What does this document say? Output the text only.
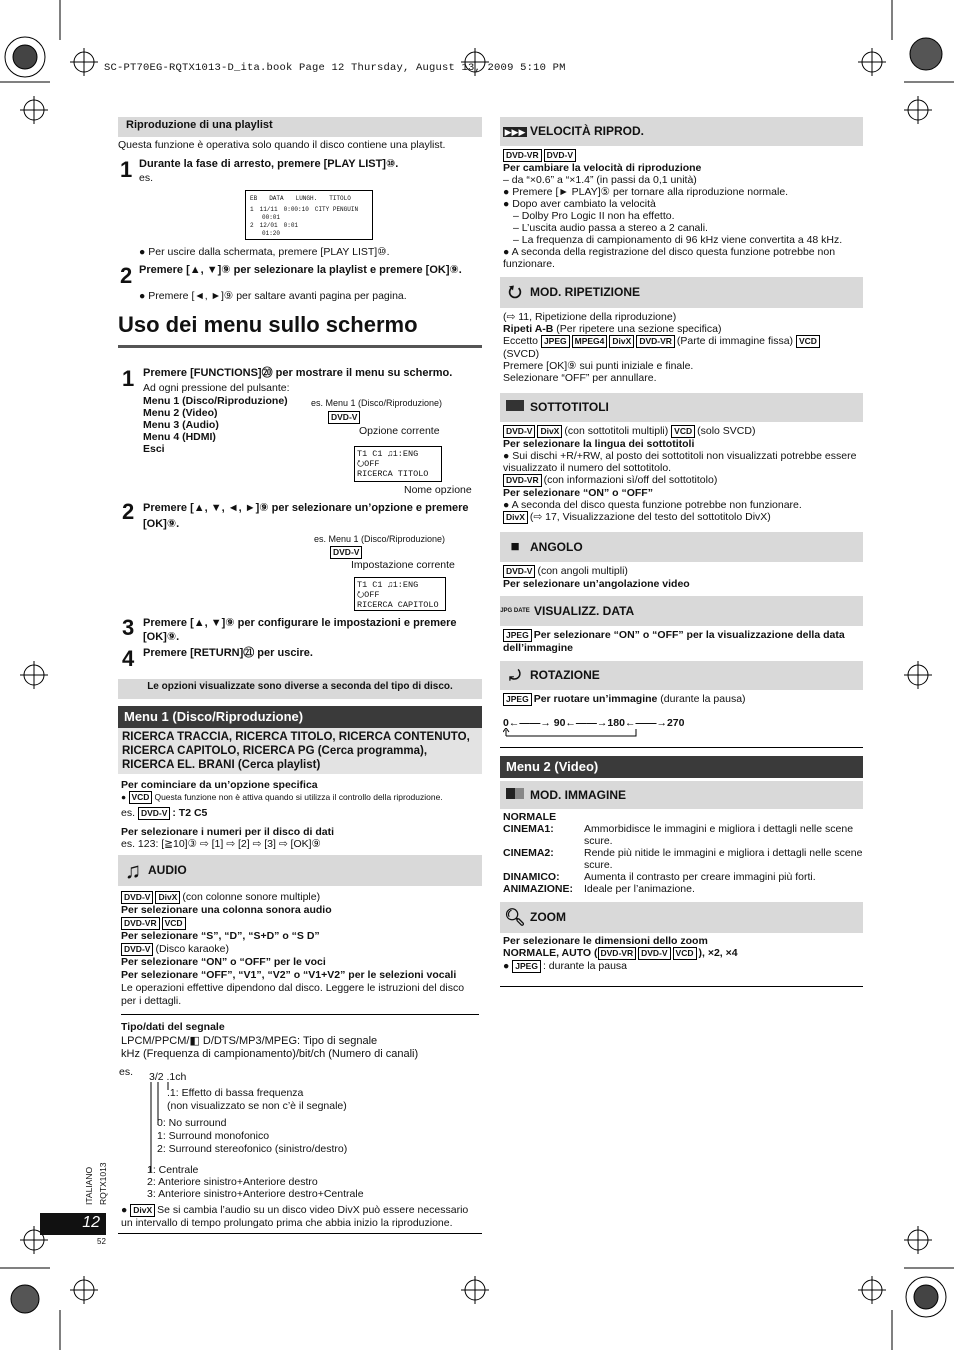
SC-PT70EG-RQTX1013-D_ita.book Page 12 Thursday, August 13, 2009 5:10 PM
Riproduzione di una playlist
Questa funzione è operativa solo quando il disco contiene una playlist.
1 Durante la fase di arresto, premere [PLAY LIST]⑩.
es.
EB DATA LUNGH. TITOLO
1 11/11 0:00:10 CITY PENGUIN
00:01
2 12/01 0:01
01:20
● Per uscire dalla schermata, premere [PLAY LIST]⑩.
2 Premere [▲, ▼]⑨ per selezionare la playlist e premere [OK]⑨.
● Premere [◄, ►]⑨ per saltare avanti pagina per pagina.
Uso dei menu sullo schermo
1 Premere [FUNCTIONS]⑳ per mostrare il menu su schermo.
Ad ogni pressione del pulsante:
Menu 1 (Disco/Riproduzione)
Menu 2 (Video)
Menu 3 (Audio)
Menu 4 (HDMI)
Esci
es. Menu 1 (Disco/Riproduzione)
DVD-V
Opzione corrente
T1 C1 ♫1:ENG
⭮OFF
RICERCA TITOLO
Nome opzione
2 Premere [▲, ▼, ◄, ►]⑨ per selezionare un’opzione e premere [OK]⑨.
es. Menu 1 (Disco/Riproduzione)
DVD-V
Impostazione corrente
T1 C1 ♫1:ENG
⭮OFF
RICERCA CAPITOLO
3 Premere [▲, ▼]⑨ per configurare le impostazioni e premere [OK]⑨.
4 Premere [RETURN]㉑ per uscire.
Le opzioni visualizzate sono diverse a seconda del tipo di disco.
Menu 1 (Disco/Riproduzione)
RICERCA TRACCIA, RICERCA TITOLO, RICERCA CONTENUTO, RICERCA CAPITOLO, RICERCA PG (Cerca programma), RICERCA EL. BRANI (Cerca playlist)
Per cominciare da un’opzione specifica
● VCD Questa funzione non è attiva quando si utilizza il controllo della riproduzione.
es. DVD-V : T2 C5
Per selezionare i numeri per il disco di dati
es. 123: [≧10]③ ⇨ [1] ⇨ [2] ⇨ [3] ⇨ [OK]⑨
♫ AUDIO
DVD-V DivX (con colonne sonore multiple)
Per selezionare una colonna sonora audio
DVD-VR VCD
Per selezionare “S”, “D”, “S+D” o “S D”
DVD-V (Disco karaoke)
Per selezionare “ON” o “OFF” per le voci
Per selezionare “OFF”, “V1”, “V2” o “V1+V2” per le selezioni vocali
Le operazioni effettive dipendono dal disco. Leggere le istruzioni del disco per i dettagli.
Tipo/dati del segnale
LPCM/PPCM/◧ D/DTS/MP3/MPEG: Tipo di segnale
kHz (Frequenza di campionamento)/bit/ch (Numero di canali)
es. 3/2 .1ch
.1: Effetto di bassa frequenza
(non visualizzato se non c’è il segnale)
0: No surround
1: Surround monofonico
2: Surround stereofonico (sinistro/destro)
1: Centrale
2: Anteriore sinistro+Anteriore destro
3: Anteriore sinistro+Anteriore destro+Centrale
● DivX Se si cambia l’audio su un disco video DivX può essere necessario un intervallo di tempo prolungato prima che abbia inizio la riproduzione.
ITALIANO RQTX1013
12
52
▶▶▶ VELOCITÀ RIPROD.
DVD-VR DVD-V
Per cambiare la velocità di riproduzione
– da “×0.6” a “×1.4” (in passi da 0,1 unità)
● Premere [► PLAY]⑤ per tornare alla riproduzione normale.
● Dopo aver cambiato la velocità
– Dolby Pro Logic II non ha effetto.
– L’uscita audio passa a stereo a 2 canali.
– La frequenza di campionamento di 96 kHz viene convertita a 48 kHz.
● A seconda della registrazione del disco questa funzione potrebbe non funzionare.
⭮ MOD. RIPETIZIONE
(⇨ 11, Ripetizione della riproduzione)
Ripeti A-B (Per ripetere una sezione specifica)
Eccetto JPEG MPEG4 DivX DVD-VR (Parte di immagine fissa) VCD
(SVCD)
Premere [OK]⑨ sui punti iniziale e finale.
Selezionare “OFF” per annullare.
SOTTOTITOLI
DVD-V DivX (con sottotitoli multipli) VCD (solo SVCD)
Per selezionare la lingua dei sottotitoli
● Sui dischi +R/+RW, al posto dei sottotitoli non visualizzati potrebbe essere visualizzato il numero del sottotitolo.
DVD-VR (con informazioni sì/off del sottotitolo)
Per selezionare “ON” o “OFF”
● A seconda del disco questa funzione potrebbe non funzionare.
DivX (⇨ 17, Visualizzazione del testo del sottotitolo DivX)
■ ANGOLO
DVD-V (con angoli multipli)
Per selezionare un’angolazione video
JPG DATE VISUALIZZ. DATA
JPEG Per selezionare “ON” o “OFF” per la visualizzazione della data dell’immagine
⤾ ROTAZIONE
JPEG Per ruotare un’immagine (durante la pausa)
0←——→ 90←——→180←——→270
Menu 2 (Video)
MOD. IMMAGINE
NORMALE
CINEMA1:	Ammorbidisce le immagini e migliora i dettagli nelle scene scure.
CINEMA2:	Rende più nitide le immagini e migliora i dettagli nelle scene scure.
DINAMICO:	Aumenta il contrasto per creare immagini più forti.
ANIMAZIONE:	Ideale per l’animazione.
🔍︎ ZOOM
Per selezionare le dimensioni dello zoom
NORMALE, AUTO ( DVD-VR DVD-V VCD ), ×2, ×4
● JPEG : durante la pausa
